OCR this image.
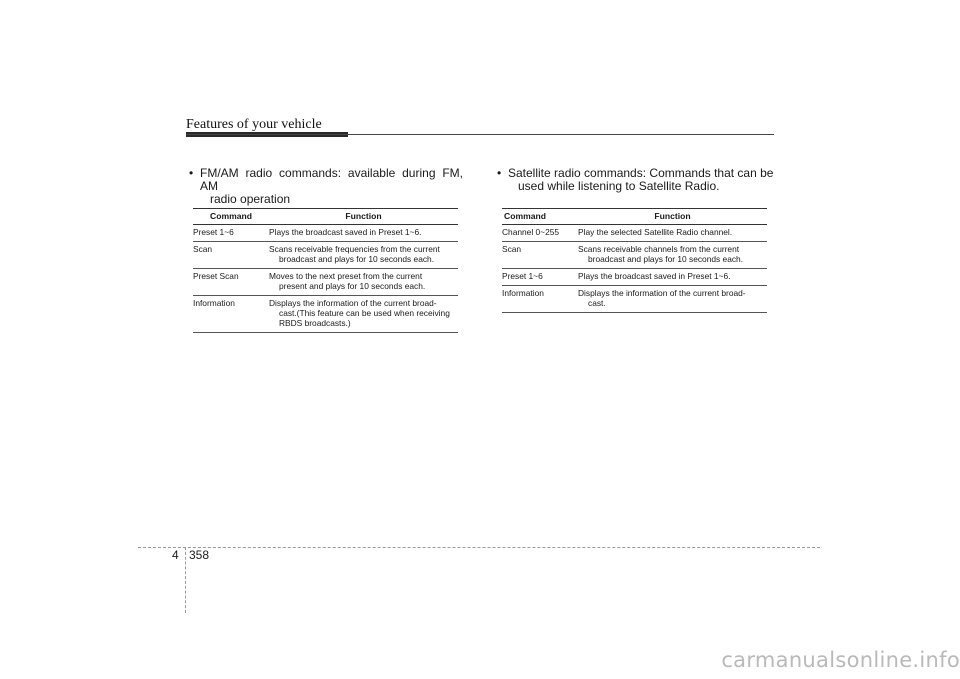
Features of your vehicle
• FM/AM radio commands: available during FM, AM
radio operation
Command	Function
Preset 1~6	Plays the broadcast saved in Preset 1~6.

Scan	Scans receivable frequencies from the current
broadcast and plays for 10 seconds each.

Preset Scan	Moves to the next preset from the current
present and plays for 10 seconds each.

Information	Displays the information of the current broad-
cast.(This feature can be used when receiving
RBDS broadcasts.)
• Satellite radio commands: Commands that can be
used while listening to Satellite Radio.
Command	Function
Channel 0~255	Play the selected Satellite Radio channel.

Scan	Scans receivable channels from the current
broadcast and plays for 10 seconds each.

Preset 1~6	Plays the broadcast saved in Preset 1~6.

Information	Displays the information of the current broad-
cast.
4 358
carmanualsonline.info
